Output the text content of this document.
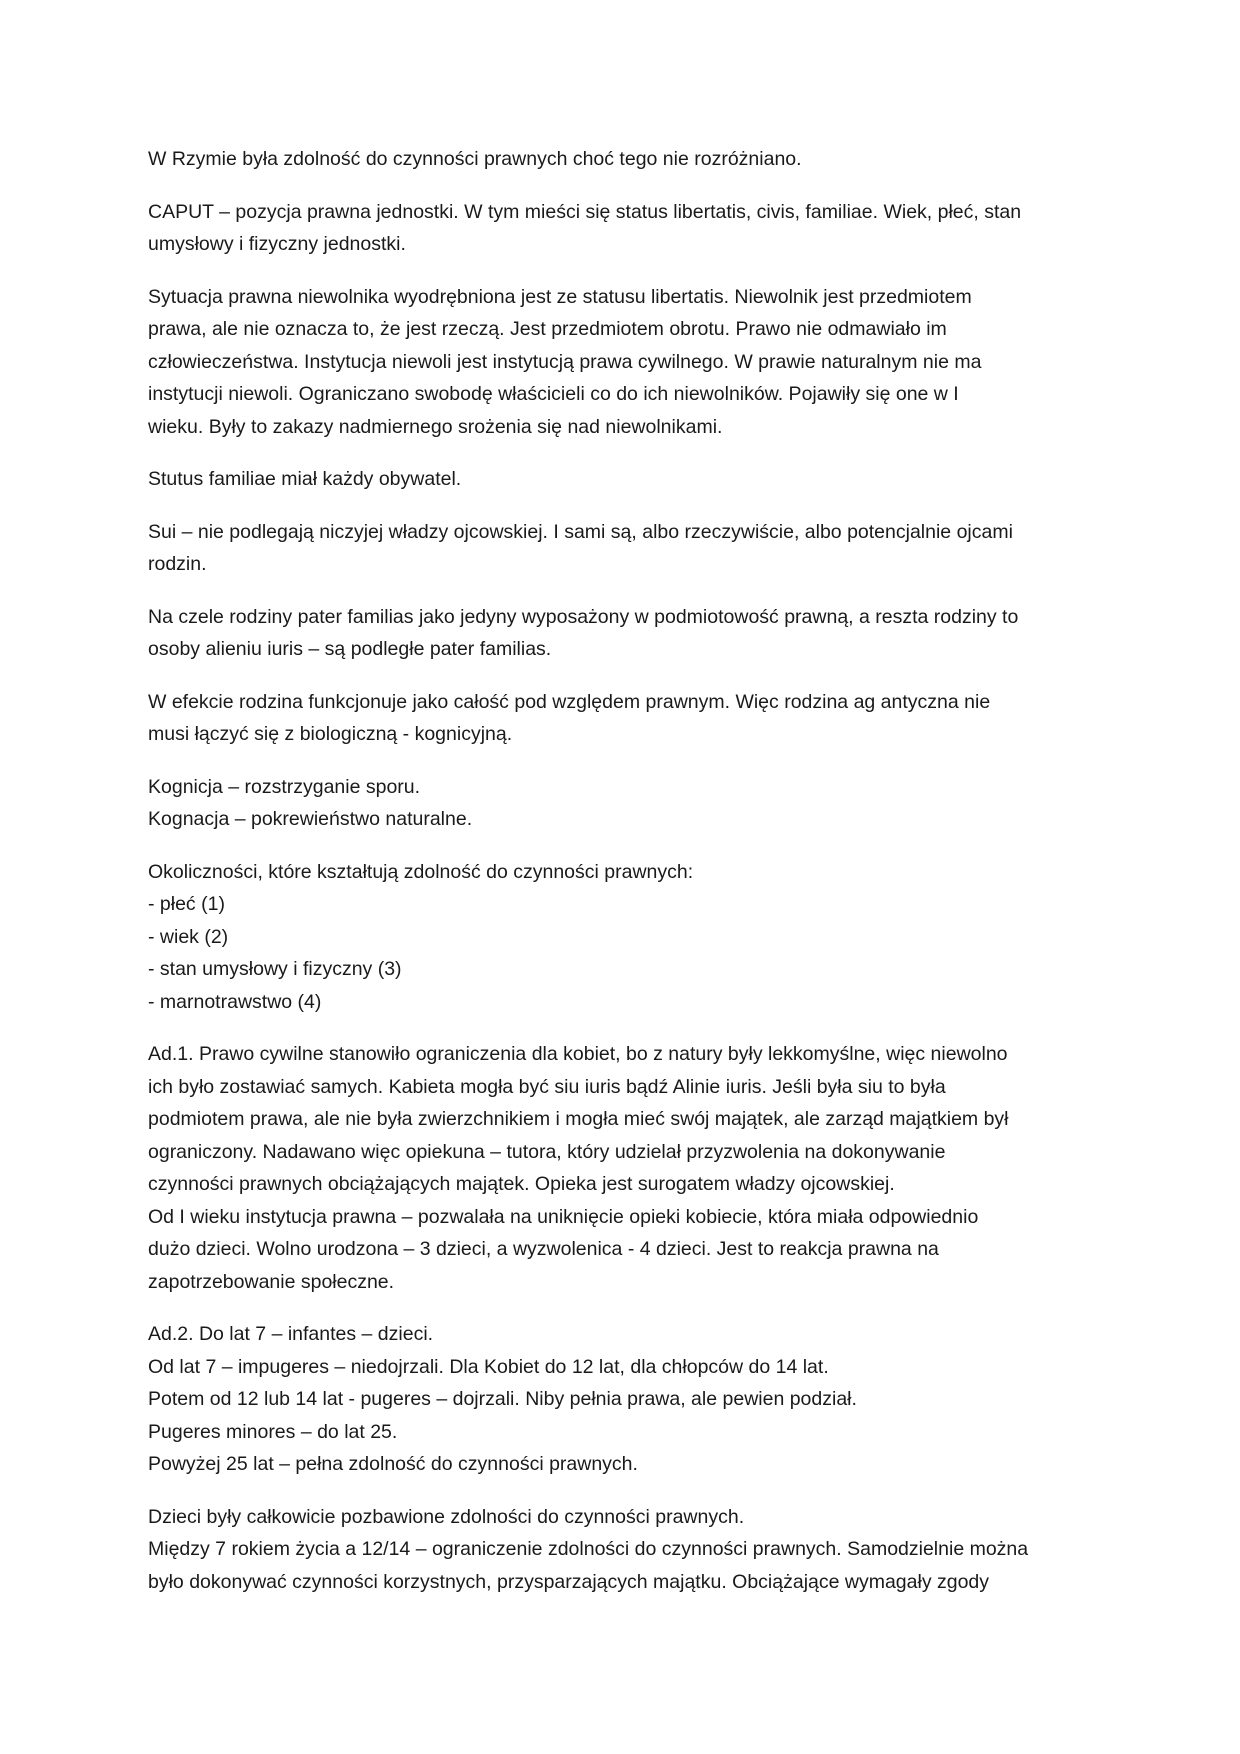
W Rzymie była zdolność do czynności prawnych choć tego nie rozróżniano.

CAPUT – pozycja prawna jednostki. W tym mieści się status libertatis, civis, familiae. Wiek, płeć, stan
umysłowy i fizyczny jednostki.

Sytuacja prawna niewolnika wyodrębniona jest ze statusu libertatis. Niewolnik jest przedmiotem
prawa, ale nie oznacza to, że jest rzeczą. Jest przedmiotem obrotu. Prawo nie odmawiało im
człowieczeństwa. Instytucja niewoli jest instytucją prawa cywilnego. W prawie naturalnym nie ma
instytucji niewoli. Ograniczano swobodę właścicieli co do ich niewolników. Pojawiły się one w I
wieku. Były to zakazy nadmiernego srożenia się nad niewolnikami.

Stutus familiae miał każdy obywatel.

Sui – nie podlegają niczyjej władzy ojcowskiej. I sami są, albo rzeczywiście, albo potencjalnie ojcami
rodzin.

Na czele rodziny pater familias jako jedyny wyposażony w podmiotowość prawną, a reszta rodziny to
osoby alieniu iuris – są podległe pater familias.

W efekcie rodzina funkcjonuje jako całość pod względem prawnym. Więc rodzina ag antyczna nie
musi łączyć się z biologiczną - kognicyjną.

Kognicja – rozstrzyganie sporu.
Kognacja – pokrewieństwo naturalne.

Okoliczności, które kształtują zdolność do czynności prawnych:
- płeć (1)
- wiek (2)
- stan umysłowy i fizyczny (3)
- marnotrawstwo (4)

Ad.1. Prawo cywilne stanowiło ograniczenia dla kobiet, bo z natury były lekkomyślne, więc niewolno
ich było zostawiać samych. Kabieta mogła być siu iuris bądź Alinie iuris. Jeśli była siu to była
podmiotem prawa, ale nie była zwierzchnikiem i mogła mieć swój majątek, ale zarząd majątkiem był
ograniczony. Nadawano więc opiekuna – tutora, który udzielał przyzwolenia na dokonywanie
czynności prawnych obciążających majątek. Opieka jest surogatem władzy ojcowskiej.
Od I wieku instytucja prawna – pozwalała na uniknięcie opieki kobiecie, która miała odpowiednio
dużo dzieci. Wolno urodzona – 3 dzieci, a wyzwolenica - 4 dzieci. Jest to reakcja prawna na
zapotrzebowanie społeczne.

Ad.2. Do lat 7 – infantes – dzieci.
Od lat 7 – impugeres – niedojrzali. Dla Kobiet do 12 lat, dla chłopców do 14 lat.
Potem od 12 lub 14 lat - pugeres – dojrzali. Niby pełnia prawa, ale pewien podział.
Pugeres minores – do lat 25.
Powyżej 25 lat – pełna zdolność do czynności prawnych.

Dzieci były całkowicie pozbawione zdolności do czynności prawnych.
Między 7 rokiem życia a 12/14 – ograniczenie zdolności do czynności prawnych. Samodzielnie można
było dokonywać czynności korzystnych, przysparzających majątku. Obciążające wymagały zgody
